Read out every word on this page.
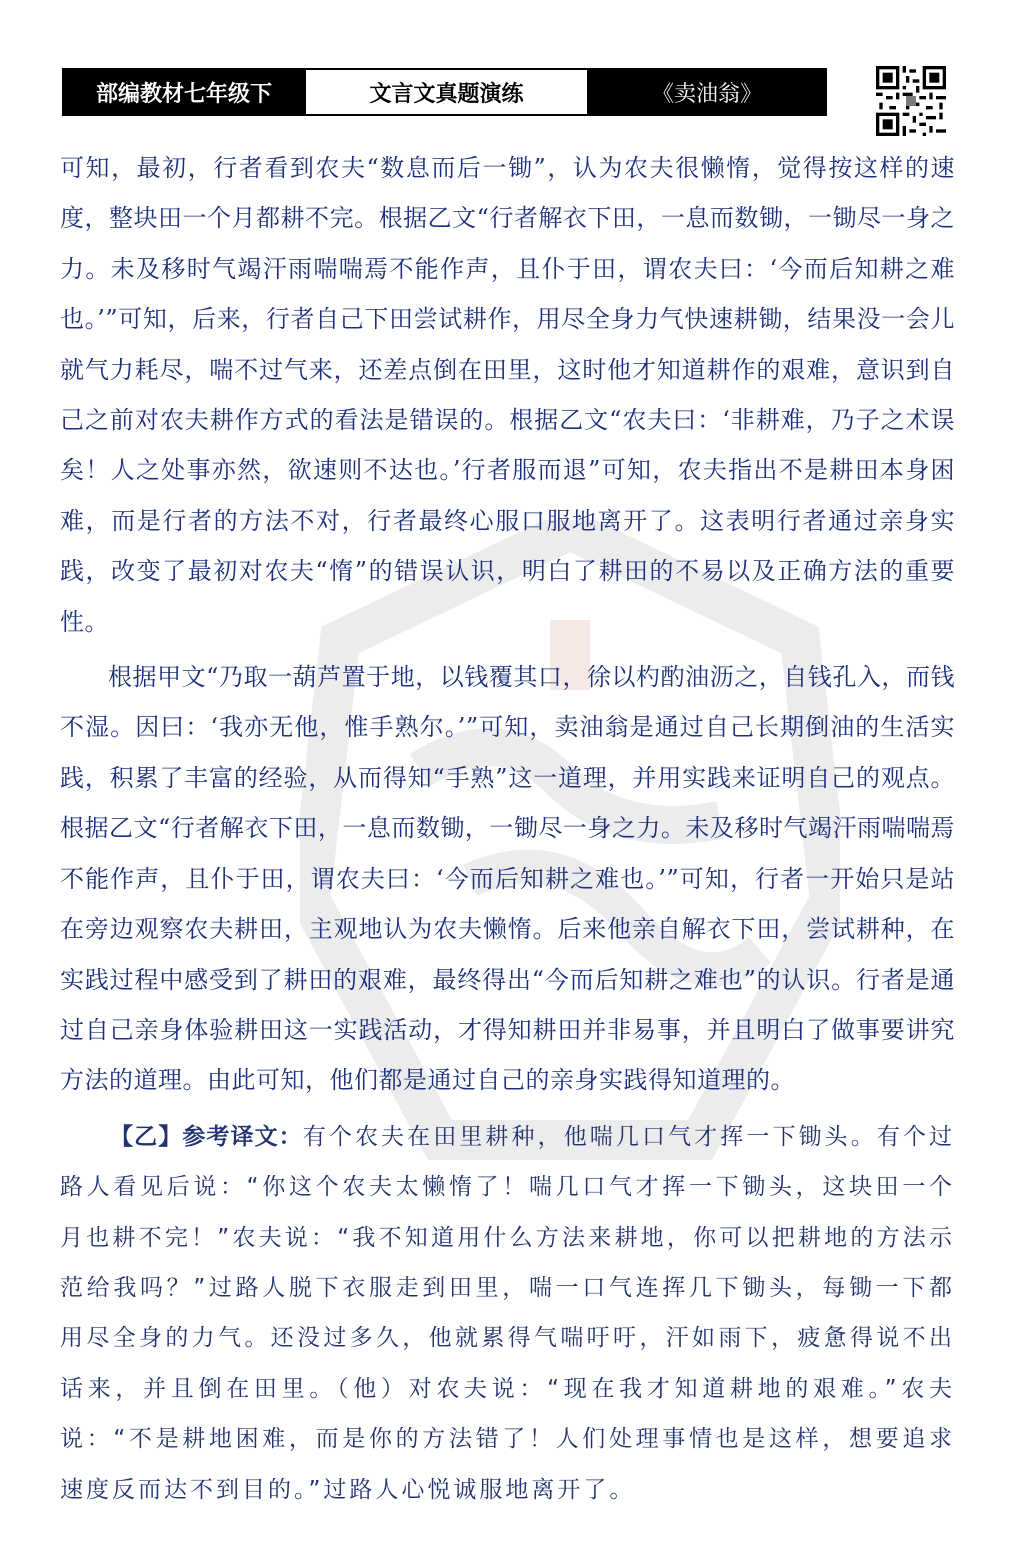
部编教材七年级下	文言文真题演练	《卖油翁》

可知，最初，行者看到农夫“数息而后一锄”，认为农夫很懒惰，觉得按这样的速度，整块田一个月都耕不完。根据乙文“行者解衣下田，一息而数锄，一锄尽一身之力。未及移时气竭汗雨喘喘焉不能作声，且仆于田，谓农夫曰：‘今而后知耕之难也。’”可知，后来，行者自己下田尝试耕作，用尽全身力气快速耕锄，结果没一会儿就气力耗尽，喘不过气来，还差点倒在田里，这时他才知道耕作的艰难，意识到自己之前对农夫耕作方式的看法是错误的。根据乙文“农夫曰：‘非耕难，乃子之术误矣！人之处事亦然，欲速则不达也。’行者服而退”可知，农夫指出不是耕田本身困难，而是行者的方法不对，行者最终心服口服地离开了。这表明行者通过亲身实践，改变了最初对农夫“惰”的错误认识，明白了耕田的不易以及正确方法的重要性。

根据甲文“乃取一葫芦置于地，以钱覆其口，徐以杓酌油沥之，自钱孔入，而钱不湿。因曰：‘我亦无他，惟手熟尔。’”可知，卖油翁是通过自己长期倒油的生活实践，积累了丰富的经验，从而得知“手熟”这一道理，并用实践来证明自己的观点。根据乙文“行者解衣下田，一息而数锄，一锄尽一身之力。未及移时气竭汗雨喘喘焉不能作声，且仆于田，谓农夫曰：‘今而后知耕之难也。’”可知，行者一开始只是站在旁边观察农夫耕田，主观地认为农夫懒惰。后来他亲自解衣下田，尝试耕种，在实践过程中感受到了耕田的艰难，最终得出“今而后知耕之难也”的认识。行者是通过自己亲身体验耕田这一实践活动，才得知耕田并非易事，并且明白了做事要讲究方法的道理。由此可知，他们都是通过自己的亲身实践得知道理的。

【乙】参考译文：有个农夫在田里耕种，他喘几口气才挥一下锄头。有个过路人看见后说：“你这个农夫太懒惰了！喘几口气才挥一下锄头，这块田一个月也耕不完！”农夫说：“我不知道用什么方法来耕地，你可以把耕地的方法示范给我吗？”过路人脱下衣服走到田里，喘一口气连挥几下锄头，每锄一下都用尽全身的力气。还没过多久，他就累得气喘吁吁，汗如雨下，疲惫得说不出话来，并且倒在田里。（他）对农夫说：“现在我才知道耕地的艰难。”农夫说：“不是耕地困难，而是你的方法错了！人们处理事情也是这样，想要追求速度反而达不到目的。”过路人心悦诚服地离开了。
